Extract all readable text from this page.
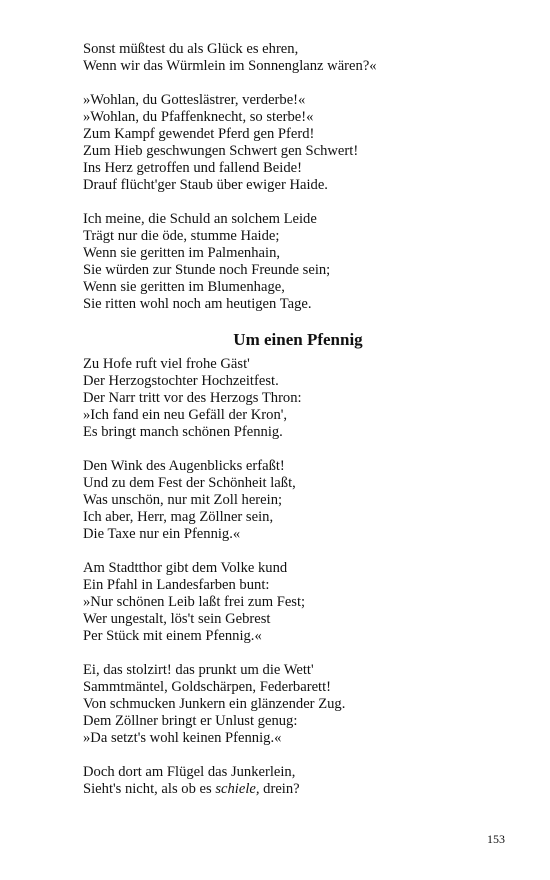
Sonst müßtest du als Glück es ehren,
Wenn wir das Würmlein im Sonnenglanz wären?«
»Wohlan, du Gotteslästrer, verderbe!«
»Wohlan, du Pfaffenknecht, so sterbe!«
Zum Kampf gewendet Pferd gen Pferd!
Zum Hieb geschwungen Schwert gen Schwert!
Ins Herz getroffen und fallend Beide!
Drauf flücht'ger Staub über ewiger Haide.
Ich meine, die Schuld an solchem Leide
Trägt nur die öde, stumme Haide;
Wenn sie geritten im Palmenhain,
Sie würden zur Stunde noch Freunde sein;
Wenn sie geritten im Blumenhage,
Sie ritten wohl noch am heutigen Tage.
Um einen Pfennig
Zu Hofe ruft viel frohe Gäst'
Der Herzogstochter Hochzeitfest.
Der Narr tritt vor des Herzogs Thron:
»Ich fand ein neu Gefäll der Kron',
Es bringt manch schönen Pfennig.
Den Wink des Augenblicks erfaßt!
Und zu dem Fest der Schönheit laßt,
Was unschön, nur mit Zoll herein;
Ich aber, Herr, mag Zöllner sein,
Die Taxe nur ein Pfennig.«
Am Stadtthor gibt dem Volke kund
Ein Pfahl in Landesfarben bunt:
»Nur schönen Leib laßt frei zum Fest;
Wer ungestalt, lös't sein Gebrest
Per Stück mit einem Pfennig.«
Ei, das stolzirt! das prunkt um die Wett'
Sammtmäntel, Goldschärpen, Federbarett!
Von schmucken Junkern ein glänzender Zug.
Dem Zöllner bringt er Unlust genug:
»Da setzt's wohl keinen Pfennig.«
Doch dort am Flügel das Junkerlein,
Sieht's nicht, als ob es schiele, drein?
153
